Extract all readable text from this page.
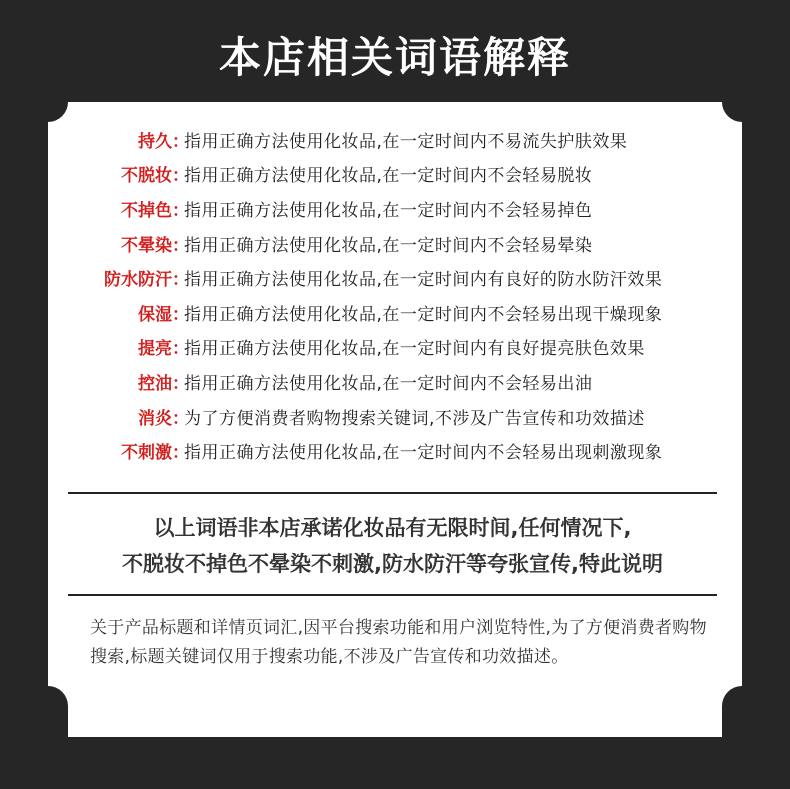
本店相关词语解释
持久 ：
指用正确方法使用化妆品,在一定时间内不易流失护肤效果
不脱妆 ：
指用正确方法使用化妆品,在一定时间内不会轻易脱妆
不掉色 ：
指用正确方法使用化妆品,在一定时间内不会轻易掉色
不晕染 ：
指用正确方法使用化妆品,在一定时间内不会轻易晕染
防水防汗 ：
指用正确方法使用化妆品,在一定时间内有良好的防水防汗效果
保湿 ：
指用正确方法使用化妆品,在一定时间内不会轻易出现干燥现象
提亮 ：
指用正确方法使用化妆品,在一定时间内有良好提亮肤色效果
控油 ：
指用正确方法使用化妆品,在一定时间内不会轻易出油
消炎 ：
为了方便消费者购物搜索关键词,不涉及广告宣传和功效描述
不刺激 ：
指用正确方法使用化妆品,在一定时间内不会轻易出现刺激现象
以上词语非本店承诺化妆品有无限时间,任何情况下,
不脱妆不掉色不晕染不刺激,防水防汗等夸张宣传,特此说明
关于产品标题和详情页词汇,因平台搜索功能和用户浏览特性,为了方便消费者购物搜索,标题关键词仅用于搜索功能,不涉及广告宣传和功效描述。
